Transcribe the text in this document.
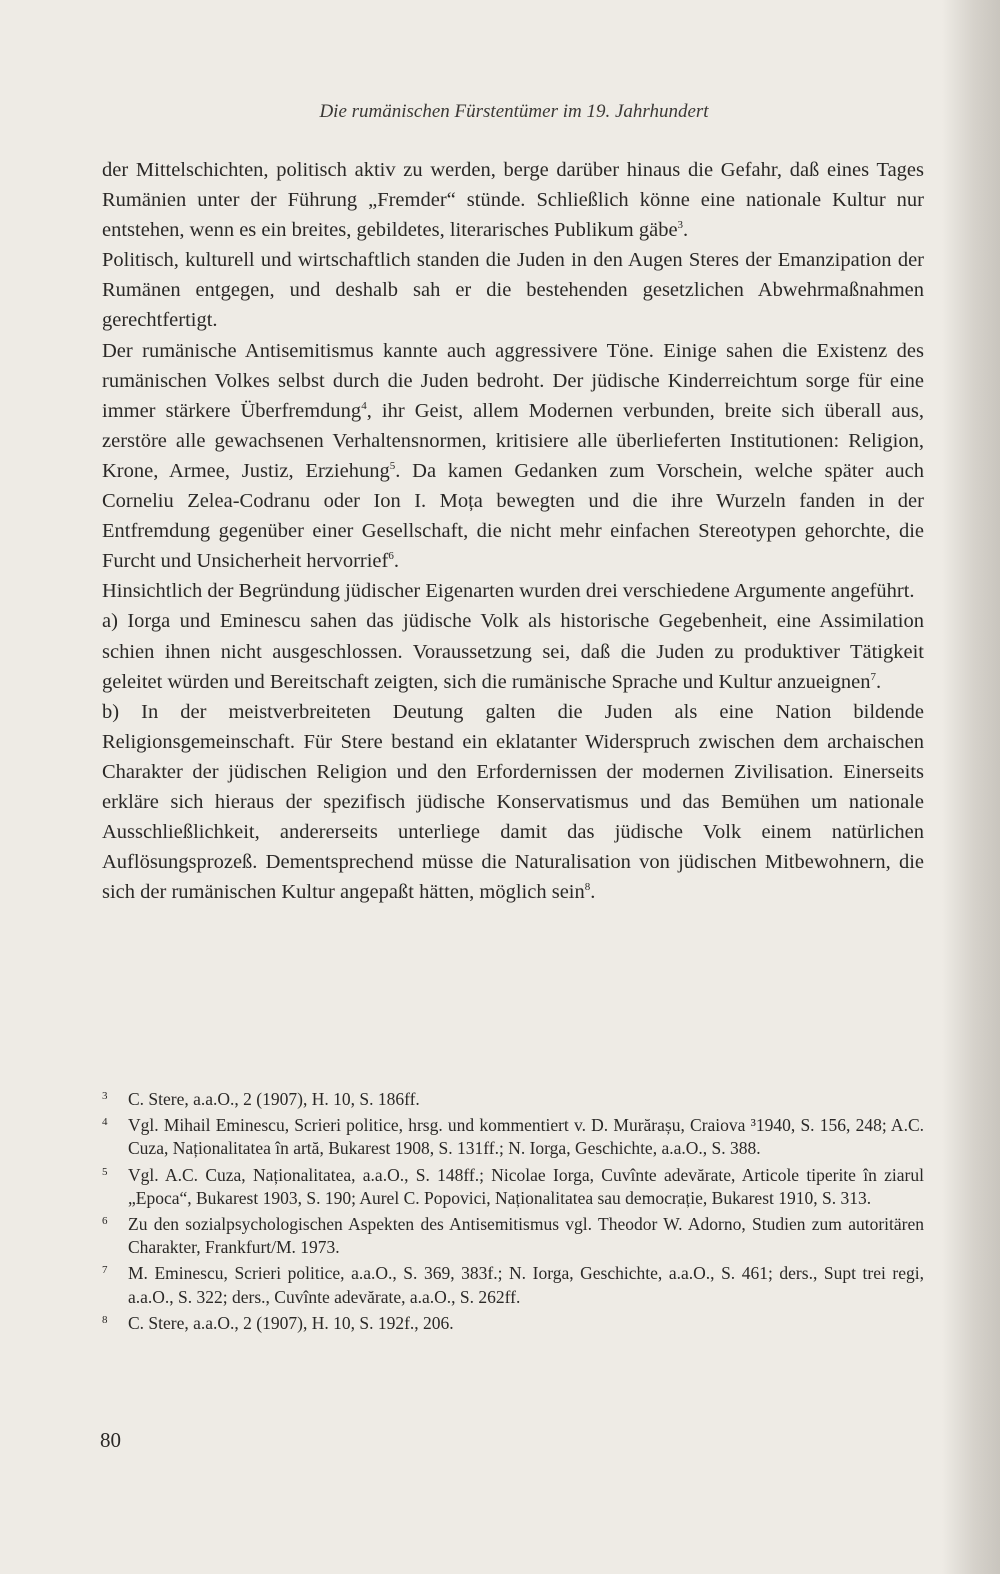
Die rumänischen Fürstentümer im 19. Jahrhundert

der Mittelschichten, politisch aktiv zu werden, berge darüber hinaus die Gefahr, daß eines Tages Rumänien unter der Führung „Fremder“ stünde. Schließlich könne eine nationale Kultur nur entstehen, wenn es ein breites, gebildetes, literarisches Publikum gäbe$^3$.

Politisch, kulturell und wirtschaftlich standen die Juden in den Augen Steres der Emanzipation der Rumänen entgegen, und deshalb sah er die bestehenden gesetzlichen Abwehrmaßnahmen gerechtfertigt.

Der rumänische Antisemitismus kannte auch aggressivere Töne. Einige sahen die Existenz des rumänischen Volkes selbst durch die Juden bedroht. Der jüdische Kinderreichtum sorge für eine immer stärkere Überfremdung$^4$, ihr Geist, allem Modernen verbunden, breite sich überall aus, zerstöre alle gewachsenen Verhaltensnormen, kritisiere alle überlieferten Institutionen: Religion, Krone, Armee, Justiz, Erziehung$^5$. Da kamen Gedanken zum Vorschein, welche später auch Corneliu Zelea-Codranu oder Ion I. Moța bewegten und die ihre Wurzeln fanden in der Entfremdung gegenüber einer Gesellschaft, die nicht mehr einfachen Stereotypen gehorchte, die Furcht und Unsicherheit hervorrief$^6$.

Hinsichtlich der Begründung jüdischer Eigenarten wurden drei verschiedene Argumente angeführt.

a) Iorga und Eminescu sahen das jüdische Volk als historische Gegebenheit, eine Assimilation schien ihnen nicht ausgeschlossen. Voraussetzung sei, daß die Juden zu produktiver Tätigkeit geleitet würden und Bereitschaft zeigten, sich die rumänische Sprache und Kultur anzueignen$^7$.

b) In der meistverbreiteten Deutung galten die Juden als eine Nation bildende Religionsgemeinschaft. Für Stere bestand ein eklatanter Widerspruch zwischen dem archaischen Charakter der jüdischen Religion und den Erfordernissen der modernen Zivilisation. Einerseits erkläre sich hieraus der spezifisch jüdische Konservatismus und das Bemühen um nationale Ausschließlichkeit, andererseits unterliege damit das jüdische Volk einem natürlichen Auflösungsprozeß. Dementsprechend müsse die Naturalisation von jüdischen Mitbewohnern, die sich der rumänischen Kultur angepaßt hätten, möglich sein$^8$.

3	C. Stere, a.a.O., 2 (1907), H. 10, S. 186ff.

4	Vgl. Mihail Eminescu, Scrieri politice, hrsg. und kommentiert v. D. Murărașu, Craiova ³1940, S. 156, 248; A.C. Cuza, Naționalitatea în artă, Bukarest 1908, S. 131ff.; N. Iorga, Geschichte, a.a.O., S. 388.

5	Vgl. A.C. Cuza, Naționalitatea, a.a.O., S. 148ff.; Nicolae Iorga, Cuvînte adevărate, Articole tiperite în ziarul „Epoca“, Bukarest 1903, S. 190; Aurel C. Popovici, Naționalitatea sau democrație, Bukarest 1910, S. 313.

6	Zu den sozialpsychologischen Aspekten des Antisemitismus vgl. Theodor W. Adorno, Studien zum autoritären Charakter, Frankfurt/M. 1973.

7	M. Eminescu, Scrieri politice, a.a.O., S. 369, 383f.; N. Iorga, Geschichte, a.a.O., S. 461; ders., Supt trei regi, a.a.O., S. 322; ders., Cuvînte adevărate, a.a.O., S. 262ff.

8	C. Stere, a.a.O., 2 (1907), H. 10, S. 192f., 206.

80
